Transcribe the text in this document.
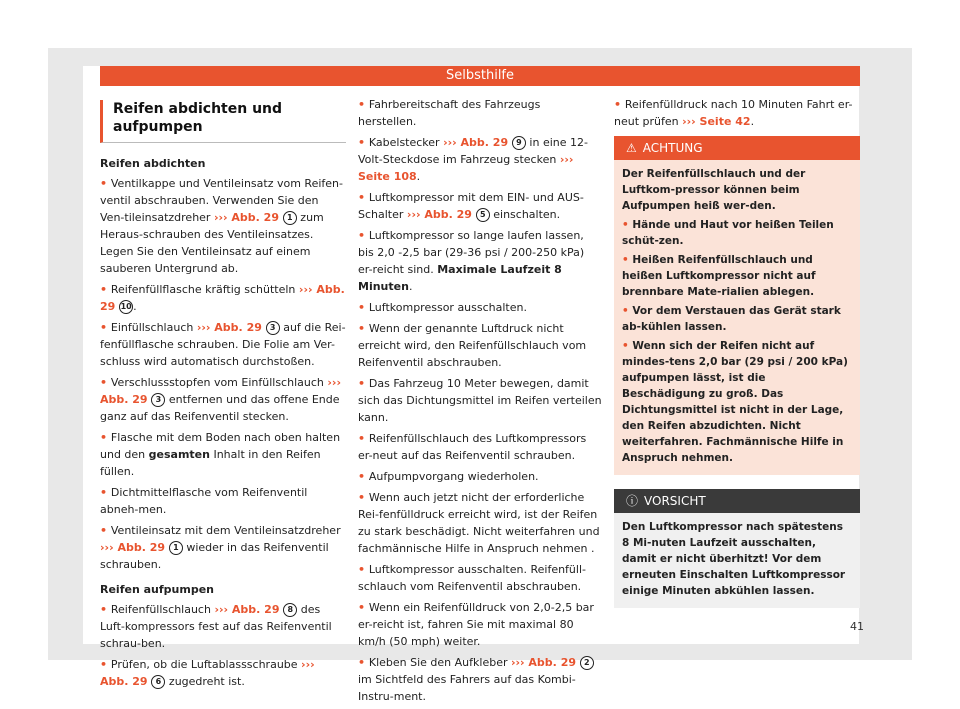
Selbsthilfe
Reifen abdichten und aufpumpen
Reifen abdichten
• Ventilkappe und Ventileinsatz vom Reifen-ventil abschrauben. Verwenden Sie den Ven-tileinsatzdreher ››› Abb. 29 1 zum Heraus-schrauben des Ventileinsatzes. Legen Sie den Ventileinsatz auf einem sauberen Untergrund ab.
• Reifenfüllflasche kräftig schütteln ››› Abb. 29 10.
• Einfüllschlauch ››› Abb. 29 3 auf die Rei-fenfüllflasche schrauben. Die Folie am Ver-schluss wird automatisch durchstoßen.
• Verschlussstopfen vom Einfüllschlauch ››› Abb. 29 3 entfernen und das offene Ende ganz auf das Reifenventil stecken.
• Flasche mit dem Boden nach oben halten und den gesamten Inhalt in den Reifen füllen.
• Dichtmittelflasche vom Reifenventil abneh-men.
• Ventileinsatz mit dem Ventileinsatzdreher ››› Abb. 29 1 wieder in das Reifenventil schrauben.
Reifen aufpumpen
• Reifenfüllschlauch ››› Abb. 29 8 des Luft-kompressors fest auf das Reifenventil schrau-ben.
• Prüfen, ob die Luftablassschraube ››› Abb. 29 6 zugedreht ist.
• Fahrbereitschaft des Fahrzeugs herstellen.
• Kabelstecker ››› Abb. 29 9 in eine 12-Volt-Steckdose im Fahrzeug stecken ››› Seite 108.
• Luftkompressor mit dem EIN- und AUS-Schalter ››› Abb. 29 5 einschalten.
• Luftkompressor so lange laufen lassen, bis 2,0 -2,5 bar (29-36 psi / 200-250 kPa) er-reicht sind. Maximale Laufzeit 8 Minuten.
• Luftkompressor ausschalten.
• Wenn der genannte Luftdruck nicht erreicht wird, den Reifenfüllschlauch vom Reifenventil abschrauben.
• Das Fahrzeug 10 Meter bewegen, damit sich das Dichtungsmittel im Reifen verteilen kann.
• Reifenfüllschlauch des Luftkompressors er-neut auf das Reifenventil schrauben.
• Aufpumpvorgang wiederholen.
• Wenn auch jetzt nicht der erforderliche Rei-fenfülldruck erreicht wird, ist der Reifen zu stark beschädigt. Nicht weiterfahren und fachmännische Hilfe in Anspruch nehmen .
• Luftkompressor ausschalten. Reifenfüll-schlauch vom Reifenventil abschrauben.
• Wenn ein Reifenfülldruck von 2,0-2,5 bar er-reicht ist, fahren Sie mit maximal 80 km/h (50 mph) weiter.
• Kleben Sie den Aufkleber ››› Abb. 29 2 im Sichtfeld des Fahrers auf das Kombi-Instru-ment.
• Reifenfülldruck nach 10 Minuten Fahrt er-neut prüfen ››› Seite 42.
⚠ ACHTUNG
Der Reifenfüllschlauch und der Luftkom-pressor können beim Aufpumpen heiß wer-den.
• Hände und Haut vor heißen Teilen schüt-zen.
• Heißen Reifenfüllschlauch und heißen Luftkompressor nicht auf brennbare Mate-rialien ablegen.
• Vor dem Verstauen das Gerät stark ab-kühlen lassen.
• Wenn sich der Reifen nicht auf mindes-tens 2,0 bar (29 psi / 200 kPa) aufpumpen lässt, ist die Beschädigung zu groß. Das Dichtungsmittel ist nicht in der Lage, den Reifen abzudichten. Nicht weiterfahren. Fachmännische Hilfe in Anspruch nehmen.
ⓘ VORSICHT
Den Luftkompressor nach spätestens 8 Mi-nuten Laufzeit ausschalten, damit er nicht überhitzt! Vor dem erneuten Einschalten Luftkompressor einige Minuten abkühlen lassen.
41
